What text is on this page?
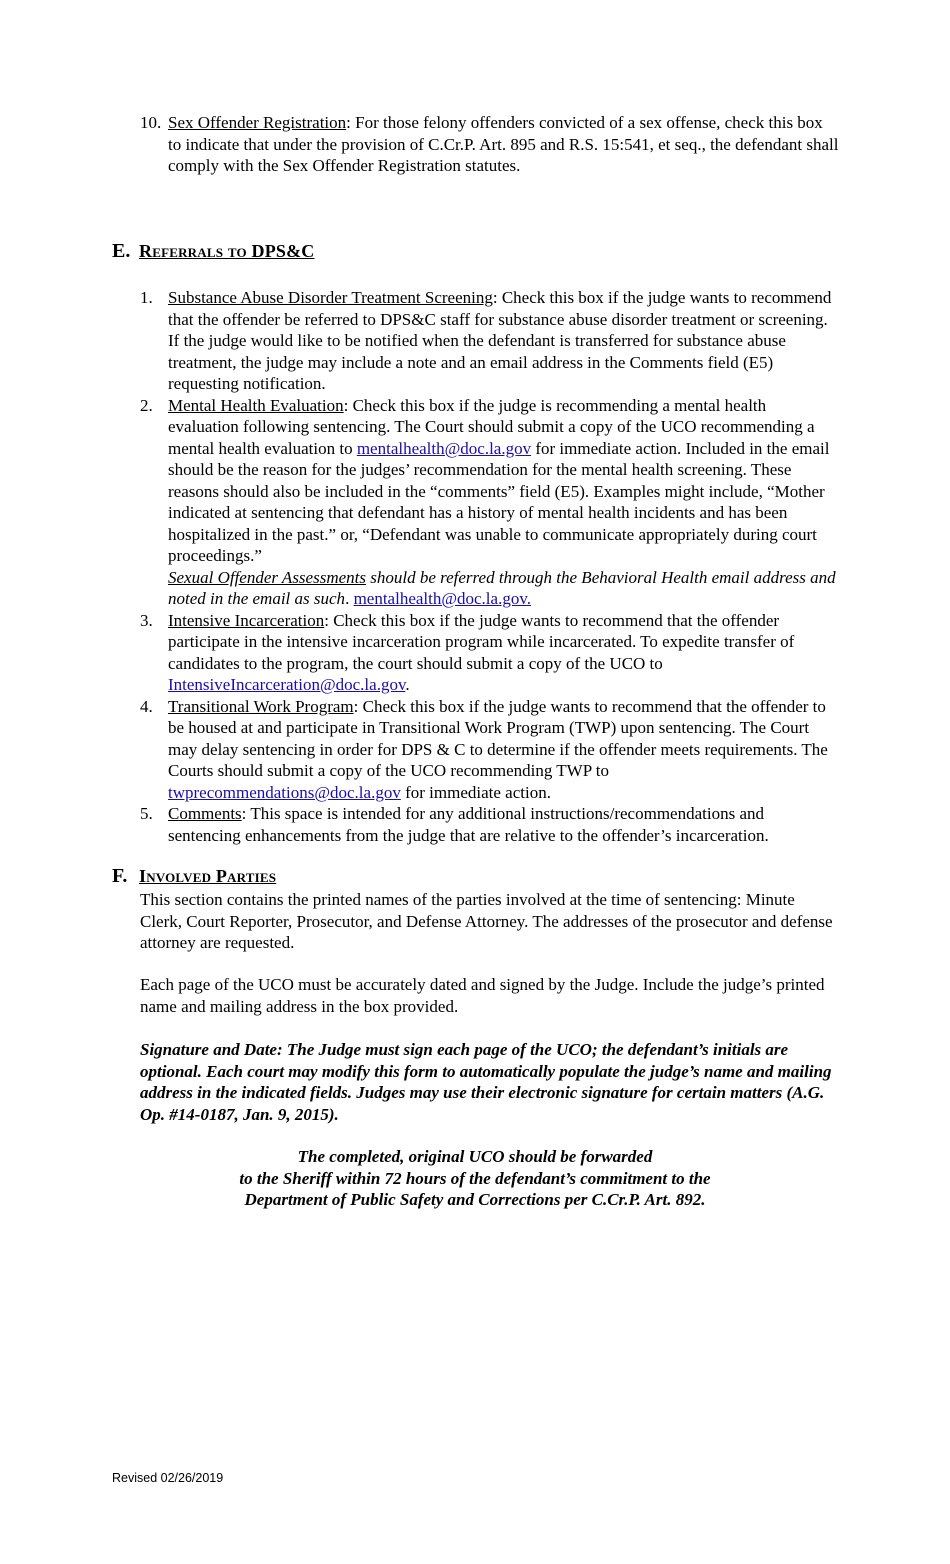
10. Sex Offender Registration: For those felony offenders convicted of a sex offense, check this box to indicate that under the provision of C.Cr.P. Art. 895 and R.S. 15:541, et seq., the defendant shall comply with the Sex Offender Registration statutes.
E. Referrals to DPS&C
1. Substance Abuse Disorder Treatment Screening: Check this box if the judge wants to recommend that the offender be referred to DPS&C staff for substance abuse disorder treatment or screening. If the judge would like to be notified when the defendant is transferred for substance abuse treatment, the judge may include a note and an email address in the Comments field (E5) requesting notification.
2. Mental Health Evaluation: Check this box if the judge is recommending a mental health evaluation following sentencing. The Court should submit a copy of the UCO recommending a mental health evaluation to mentalhealth@doc.la.gov for immediate action. Included in the email should be the reason for the judges’ recommendation for the mental health screening. These reasons should also be included in the “comments” field (E5). Examples might include, “Mother indicated at sentencing that defendant has a history of mental health incidents and has been hospitalized in the past.” or, “Defendant was unable to communicate appropriately during court proceedings.”
Sexual Offender Assessments should be referred through the Behavioral Health email address and noted in the email as such. mentalhealth@doc.la.gov.
3. Intensive Incarceration: Check this box if the judge wants to recommend that the offender participate in the intensive incarceration program while incarcerated. To expedite transfer of candidates to the program, the court should submit a copy of the UCO to IntensiveIncarceration@doc.la.gov.
4. Transitional Work Program: Check this box if the judge wants to recommend that the offender to be housed at and participate in Transitional Work Program (TWP) upon sentencing. The Court may delay sentencing in order for DPS & C to determine if the offender meets requirements. The Courts should submit a copy of the UCO recommending TWP to twprecommendations@doc.la.gov for immediate action.
5. Comments: This space is intended for any additional instructions/recommendations and sentencing enhancements from the judge that are relative to the offender’s incarceration.
F. Involved Parties

This section contains the printed names of the parties involved at the time of sentencing: Minute Clerk, Court Reporter, Prosecutor, and Defense Attorney. The addresses of the prosecutor and defense attorney are requested.

Each page of the UCO must be accurately dated and signed by the Judge. Include the judge’s printed name and mailing address in the box provided.

Signature and Date: The Judge must sign each page of the UCO; the defendant’s initials are optional. Each court may modify this form to automatically populate the judge’s name and mailing address in the indicated fields. Judges may use their electronic signature for certain matters (A.G. Op. #14-0187, Jan. 9, 2015).

The completed, original UCO should be forwarded
to the Sheriff within 72 hours of the defendant’s commitment to the
Department of Public Safety and Corrections per C.Cr.P. Art. 892.
Revised 02/26/2019
